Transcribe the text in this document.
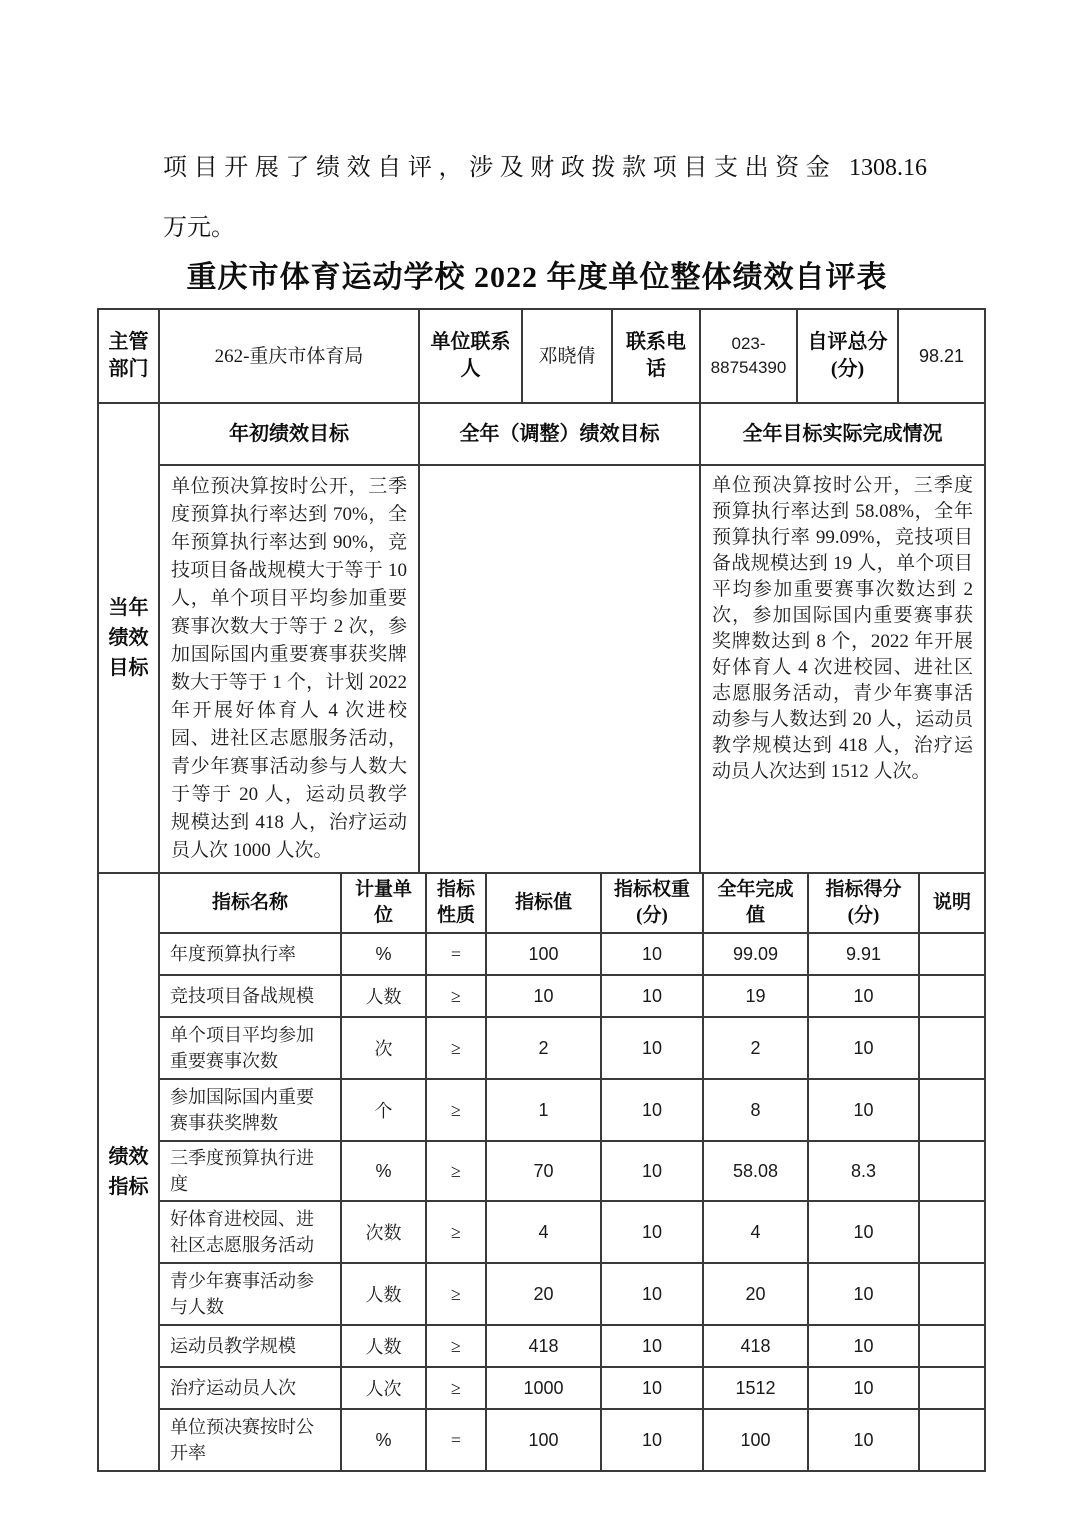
项目开展了绩效自评，涉及财政拨款项目支出资金 1308.16
万元。
重庆市体育运动学校 2022 年度单位整体绩效自评表
主管部门	262-重庆市体育局	单位联系人	邓晓倩	联系电话	023-88754390	自评总分(分)	98.21
当年绩效目标	年初绩效目标	全年（调整）绩效目标	全年目标实际完成情况
	单位预决算按时公开，三季度预算执行率达到 70%，全年预算执行率达到 90%，竞技项目备战规模大于等于 10 人，单个项目平均参加重要赛事次数大于等于 2 次，参加国际国内重要赛事获奖牌数大于等于 1 个，计划 2022 年开展好体育人 4 次进校园、进社区志愿服务活动，青少年赛事活动参与人数大于等于 20 人，运动员教学规模达到 418 人，治疗运动员人次 1000 人次。		单位预决算按时公开，三季度预算执行率达到 58.08%，全年预算执行率 99.09%，竞技项目备战规模达到 19 人，单个项目平均参加重要赛事次数达到 2 次，参加国际国内重要赛事获奖牌数达到 8 个，2022 年开展好体育人 4 次进校园、进社区志愿服务活动，青少年赛事活动参与人数达到 20 人，运动员教学规模达到 418 人，治疗运动员人次达到 1512 人次。
绩效指标	指标名称	计量单位	指标性质	指标值	指标权重(分)	全年完成值	指标得分(分)	说明
	年度预算执行率	%	=	100	10	99.09	9.91	
	竞技项目备战规模	人数	≥	10	10	19	10	
	单个项目平均参加重要赛事次数	次	≥	2	10	2	10	
	参加国际国内重要赛事获奖牌数	个	≥	1	10	8	10	
	三季度预算执行进度	%	≥	70	10	58.08	8.3	
	好体育进校园、进社区志愿服务活动	次数	≥	4	10	4	10	
	青少年赛事活动参与人数	人数	≥	20	10	20	10	
	运动员教学规模	人数	≥	418	10	418	10	
	治疗运动员人次	人次	≥	1000	10	1512	10	
	单位预决赛按时公开率	%	=	100	10	100	10	
